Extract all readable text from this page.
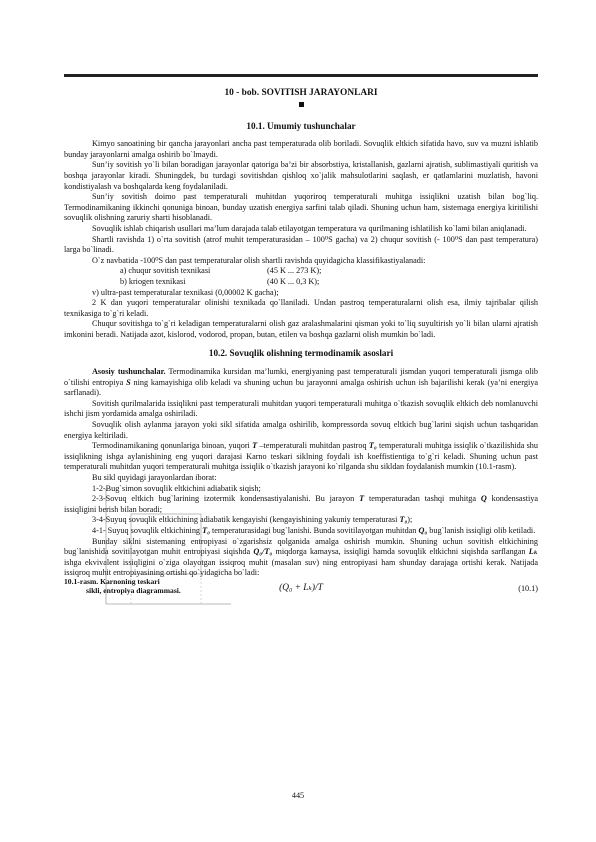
10 - bob. SOVITISH JARAYONLARI
10.1. Umumiy tushunchalar

Kimyo sanoatining bir qancha jarayonlari ancha past temperaturada olib boriladi. Sovuqlik eltkich sifatida havo, suv va muzni ishlatib bunday jarayonlarni amalga oshirib bo`lmaydi.

Sun’iy sovitish yo`li bilan boradigan jarayonlar qatoriga ba’zi bir absorbstiya, kristallanish, gazlarni ajratish, sublimastiyali quritish va boshqa jarayonlar kiradi. Shuningdek, bu turdagi sovitishdan qishloq xo`jalik mahsulotlarini saqlash, er qatlamlarini muzlatish, havoni kondistiyalash va boshqalarda keng foydalaniladi.

Sun’iy sovitish doimo past temperaturali muhitdan yuqoriroq temperaturali muhitga issiqlikni uzatish bilan bog`liq. Termodinamikaning ikkinchi qonuniga binoan, bunday uzatish energiya sarfini talab qiladi. Shuning uchun ham, sistemaga energiya kiritilishi sovuqlik olishning zaruriy sharti hisoblanadi.

Sovuqlik ishlab chiqarish usullari ma’lum darajada talab etilayotgan temperatura va qurilmaning ishlatilish ko`lami bilan aniqlanadi.

Shartli ravishda 1) o`rta sovitish (atrof muhit temperaturasidan – 100⁰S gacha) va 2) chuqur sovitish (- 100⁰S dan past temperatura) larga bo`linadi.

O`z navbatida -100⁰S dan past temperaturalar olish shartli ravishda quyidagicha klassifikastiyalanadi:

a) chuqur sovitish texnikasi	(45 K ... 273 K);

b) kriogen texnikasi	(40 K ... 0,3 K);

v) ultra-past temperaturalar texnikasi (0,00002 K gacha);

2 K dan yuqori temperaturalar olinishi texnikada qo`llaniladi. Undan pastroq temperaturalarni olish esa, ilmiy tajribalar qilish texnikasiga to`g`ri keladi.

Chuqur sovitishga to`g`ri keladigan temperaturalarni olish gaz aralashmalarini qisman yoki to`liq suyultirish yo`li bilan ularni ajratish imkonini beradi. Natijada azot, kislorod, vodorod, propan, butan, etilen va boshqa gazlarni olish mumkin bo`ladi.

10.2. Sovuqlik olishning termodinamik asoslari

Asosiy tushunchalar. Termodinamika kursidan ma’lumki, energiyaning past temperaturali jismdan yuqori temperaturali jismga olib o`tilishi entropiya S ning kamayishiga olib keladi va shuning uchun bu jarayonni amalga oshirish uchun ish bajarilishi kerak (ya’ni energiya sarflanadi).

Sovitish qurilmalarida issiqlikni past temperaturali muhitdan yuqori temperaturali muhitga o`tkazish sovuqlik eltkich deb nomlanuvchi ishchi jism yordamida amalga oshiriladi.

Sovuqlik olish aylanma jarayon yoki sikl sifatida amalga oshirilib, kompressorda sovuq eltkich bug`larini siqish uchun tashqaridan energiya keltiriladi.

Termodinamikaning qonunlariga binoan, yuqori T –temperaturali muhitdan pastroq T₀ temperaturali muhitga issiqlik o`tkazilishida shu issiqlikning ishga aylanishining eng yuqori darajasi Karno teskari siklning foydali ish koeffistientiga to`g`ri keladi. Shuning uchun past temperaturali muhitdan yuqori temperaturali muhitga issiqlik o`tkazish jarayoni ko`rilganda shu sikldan foydalanish mumkin (10.1-rasm).

Bu sikl quyidagi jarayonlardan iborat:

1-2-Bug`simon sovuqlik eltkichini adiabatik siqish;

2-3-Sovuq eltkich bug`larining izotermik kondensastiyalanishi. Bu jarayon T temperaturadan tashqi muhitga Q kondensastiya issiqligini berish bilan boradi;

3-4-Suyuq sovuqlik eltkichining adiabatik kengayishi (kengayishining yakuniy temperaturasi T₀);

4-1- Suyuq sovuqlik eltkichining T₀ temperaturasidagi bug`lanishi. Bunda sovitilayotgan muhitdan Q₀ bug`lanish issiqligi olib ketiladi.

Bunday siklni sistemaning entropiyasi o`zgarishsiz qolganida amalga oshirish mumkin. Shuning uchun sovitish eltkichining bug`lanishida sovitilayotgan muhit entropiyasi siqishda Q₀/T₀ miqdorga kamaysa, issiqligi hamda sovuqlik eltkichni siqishda sarflangan Lₖ ishga ekvivalent issiqligini o`ziga olayotgan issiqroq muhit (masalan suv) ning entropiyasi ham shunday darajaga ortishi kerak. Natijada issiqroq muhit entropiyasining ortishi qo`yidagicha bo`ladi:

(Q₀ + Lₖ)/T	(10.1)
10.1-rasm. Karnoning teskari
sikli, entropiya diagrammasi.
445
